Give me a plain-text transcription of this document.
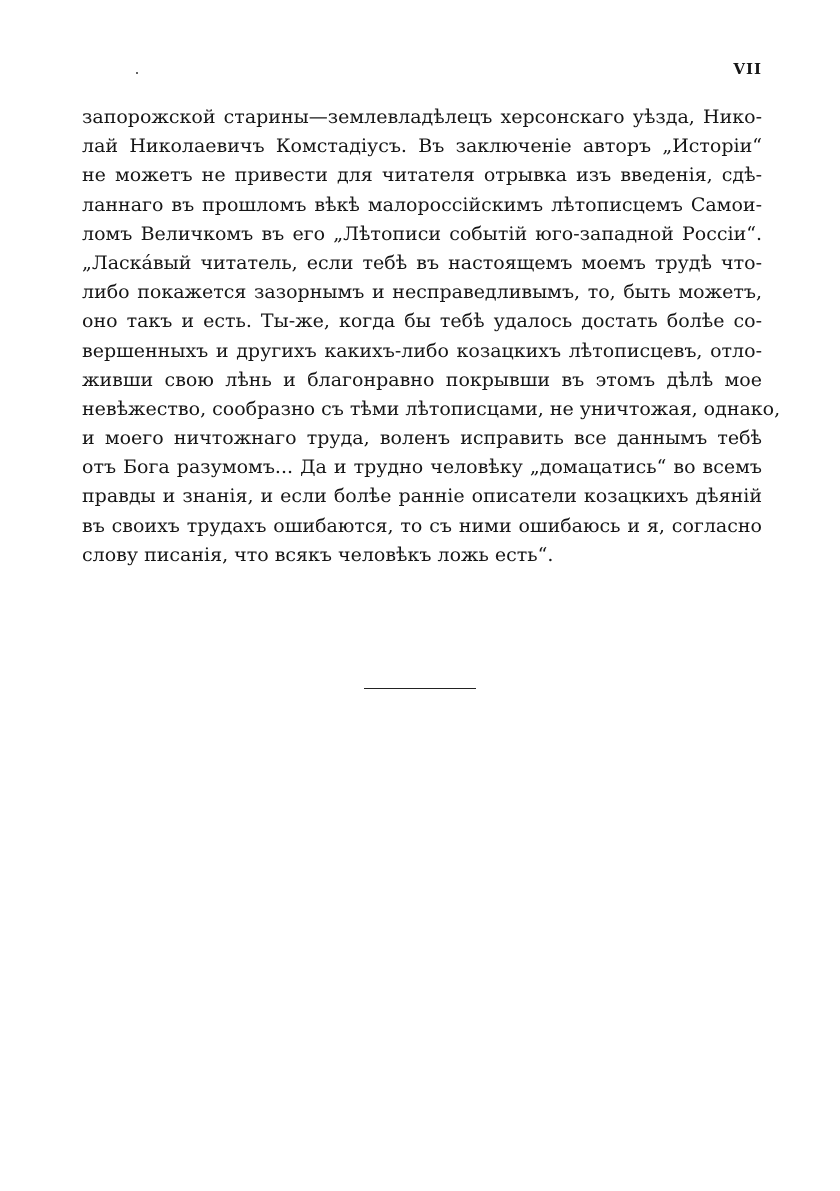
VII
запорожской старины—землевладѣлецъ херсонскаго уѣзда, Нико-
лай Николаевичъ Комстадіусъ. Въ заключеніе авторъ „Исторіи“
не можетъ не привести для читателя отрывка изъ введенія, сдѣ-
ланнаго въ прошломъ вѣкѣ малороссійскимъ лѣтописцемъ Самои-
ломъ Величкомъ въ его „Лѣтописи событій юго-западной Россіи“.
„Ласка́вый читатель, если тебѣ въ настоящемъ моемъ трудѣ что-
либо покажется зазорнымъ и несправедливымъ, то, быть можетъ,
оно такъ и есть. Ты-же, когда бы тебѣ удалось достать болѣе со-
вершенныхъ и другихъ какихъ-либо козацкихъ лѣтописцевъ, отло-
живши свою лѣнь и благонравно покрывши въ этомъ дѣлѣ мое
невѣжество, сообразно съ тѣми лѣтописцами, не уничтожая, однако,
и моего ничтожнаго труда, воленъ исправить все даннымъ тебѣ
отъ Бога разумомъ... Да и трудно человѣку „домацатись“ во всемъ
правды и знанія, и если болѣе ранніе описатели козацкихъ дѣяній
въ своихъ трудахъ ошибаются, то съ ними ошибаюсь и я, согласно
слову писанія, что всякъ человѣкъ ложь есть“.
